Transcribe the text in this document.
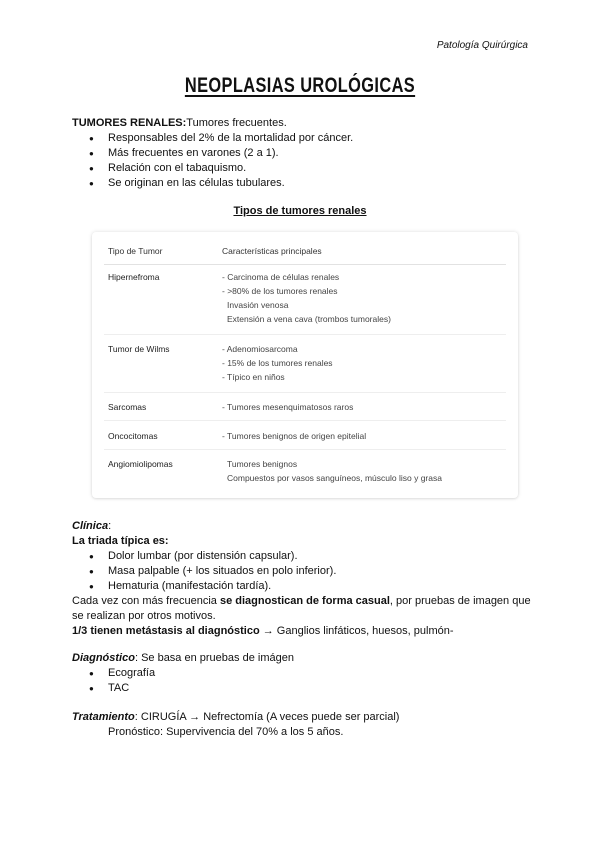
Patología Quirúrgica
NEOPLASIAS UROLÓGICAS
TUMORES RENALES:Tumores frecuentes.
● Responsables del 2% de la mortalidad por cáncer.
● Más frecuentes en varones (2 a 1).
● Relación con el tabaquismo.
● Se originan en las células tubulares.
Tipos de tumores renales
Tipo de Tumor	Características principales
Hipernefroma	- Carcinoma de células renales
- >80% de los tumores renales
Invasión venosa
Extensión a vena cava (trombos tumorales)
Tumor de Wilms	- Adenomiosarcoma
- 15% de los tumores renales
- Típico en niños
Sarcomas	- Tumores mesenquimatosos raros
Oncocitomas	- Tumores benignos de origen epitelial
Angiomiolipomas	Tumores benignos
Compuestos por vasos sanguíneos, músculo liso y grasa
Clínica:
La triada típica es:
● Dolor lumbar (por distensión capsular).
● Masa palpable (+ los situados en polo inferior).
● Hematuria (manifestación tardía).
Cada vez con más frecuencia se diagnostican de forma casual, por pruebas de imagen que se realizan por otros motivos.
1/3 tienen metástasis al diagnóstico → Ganglios linfáticos, huesos, pulmón-
Diagnóstico: Se basa en pruebas de imágen
● Ecografía
● TAC
Tratamiento: CIRUGÍA → Nefrectomía (A veces puede ser parcial)
Pronóstico: Supervivencia del 70% a los 5 años.
